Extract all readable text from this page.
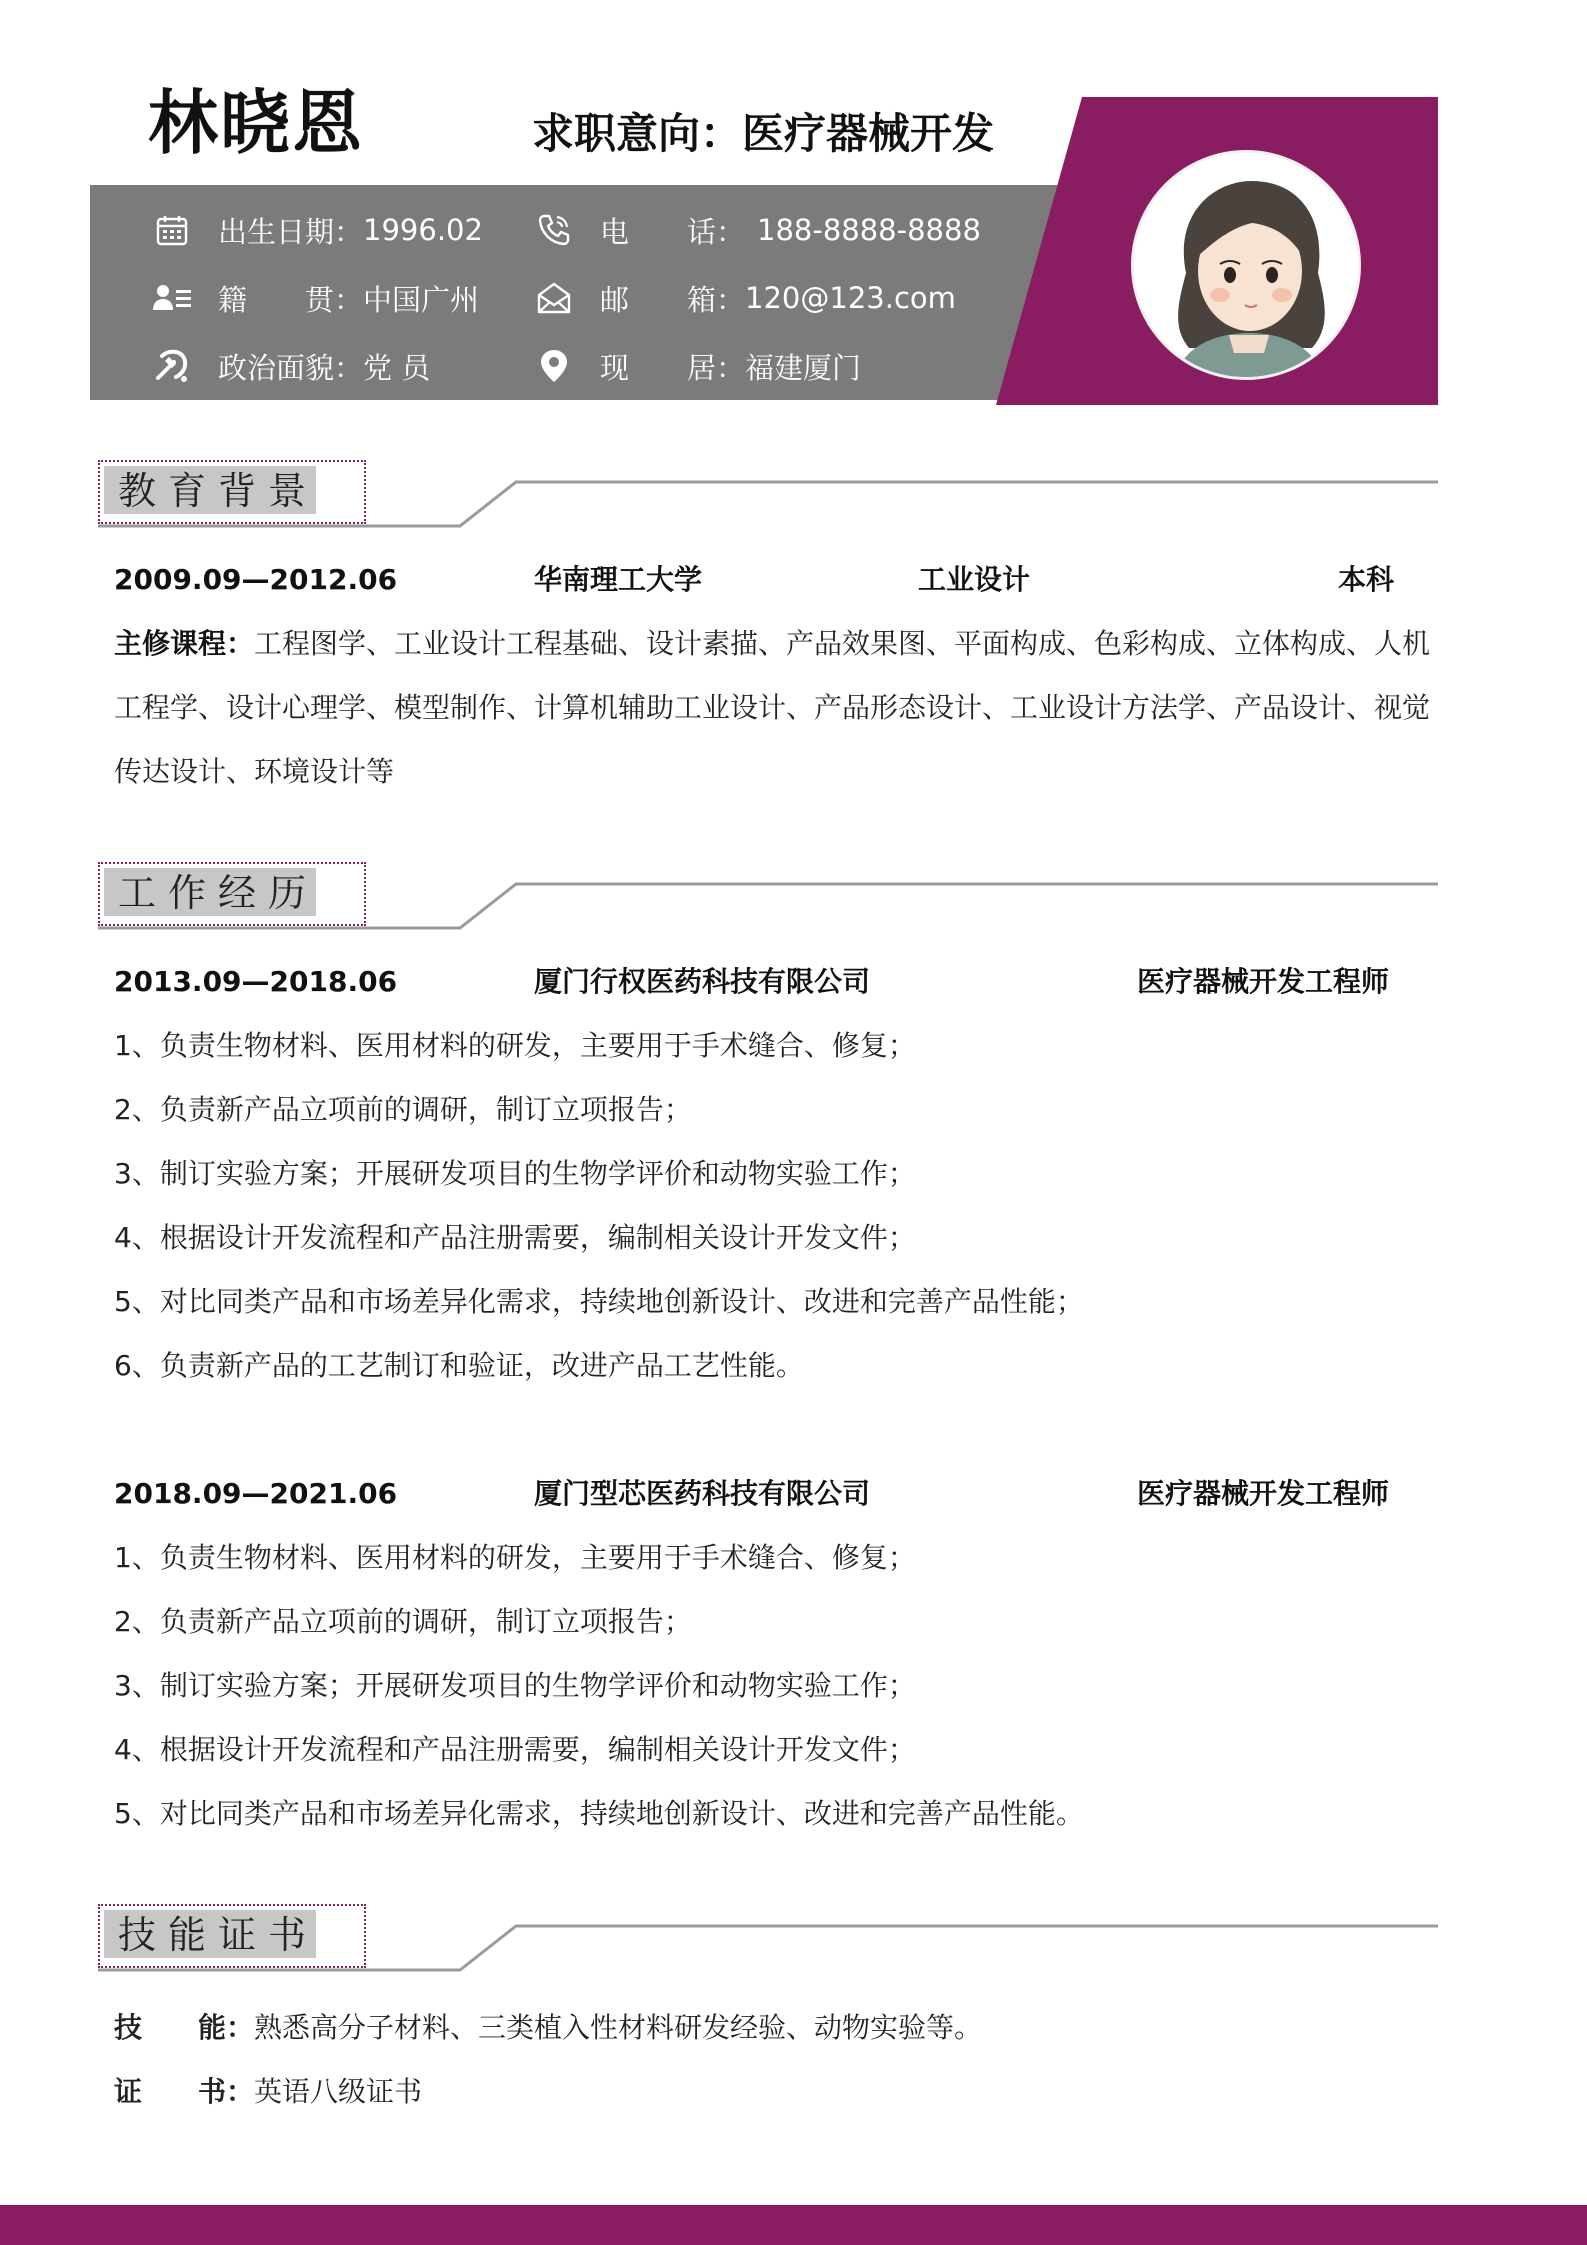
林晓恩	求职意向：医疗器械开发
出生日期： 1996.02	电　　话： 188-8888-8888
籍　　贯： 中国广州	邮　　箱： 120@123.com
政治面貌： 党 员	现　　居： 福建厦门
教育背景
2009.09—2012.06	华南理工大学	工业设计	本科
主修课程：工程图学、工业设计工程基础、设计素描、产品效果图、平面构成、色彩构成、立体构成、人机工程学、设计心理学、模型制作、计算机辅助工业设计、产品形态设计、工业设计方法学、产品设计、视觉传达设计、环境设计等
工作经历
2013.09—2018.06	厦门行权医药科技有限公司	医疗器械开发工程师
1、负责生物材料、医用材料的研发，主要用于手术缝合、修复；
2、负责新产品立项前的调研，制订立项报告；
3、制订实验方案；开展研发项目的生物学评价和动物实验工作；
4、根据设计开发流程和产品注册需要，编制相关设计开发文件；
5、对比同类产品和市场差异化需求，持续地创新设计、改进和完善产品性能；
6、负责新产品的工艺制订和验证，改进产品工艺性能。
2018.09—2021.06	厦门型芯医药科技有限公司	医疗器械开发工程师
1、负责生物材料、医用材料的研发，主要用于手术缝合、修复；
2、负责新产品立项前的调研，制订立项报告；
3、制订实验方案；开展研发项目的生物学评价和动物实验工作；
4、根据设计开发流程和产品注册需要，编制相关设计开发文件；
5、对比同类产品和市场差异化需求，持续地创新设计、改进和完善产品性能。
技能证书
技　　能：熟悉高分子材料、三类植入性材料研发经验、动物实验等。
证　　书：英语八级证书
